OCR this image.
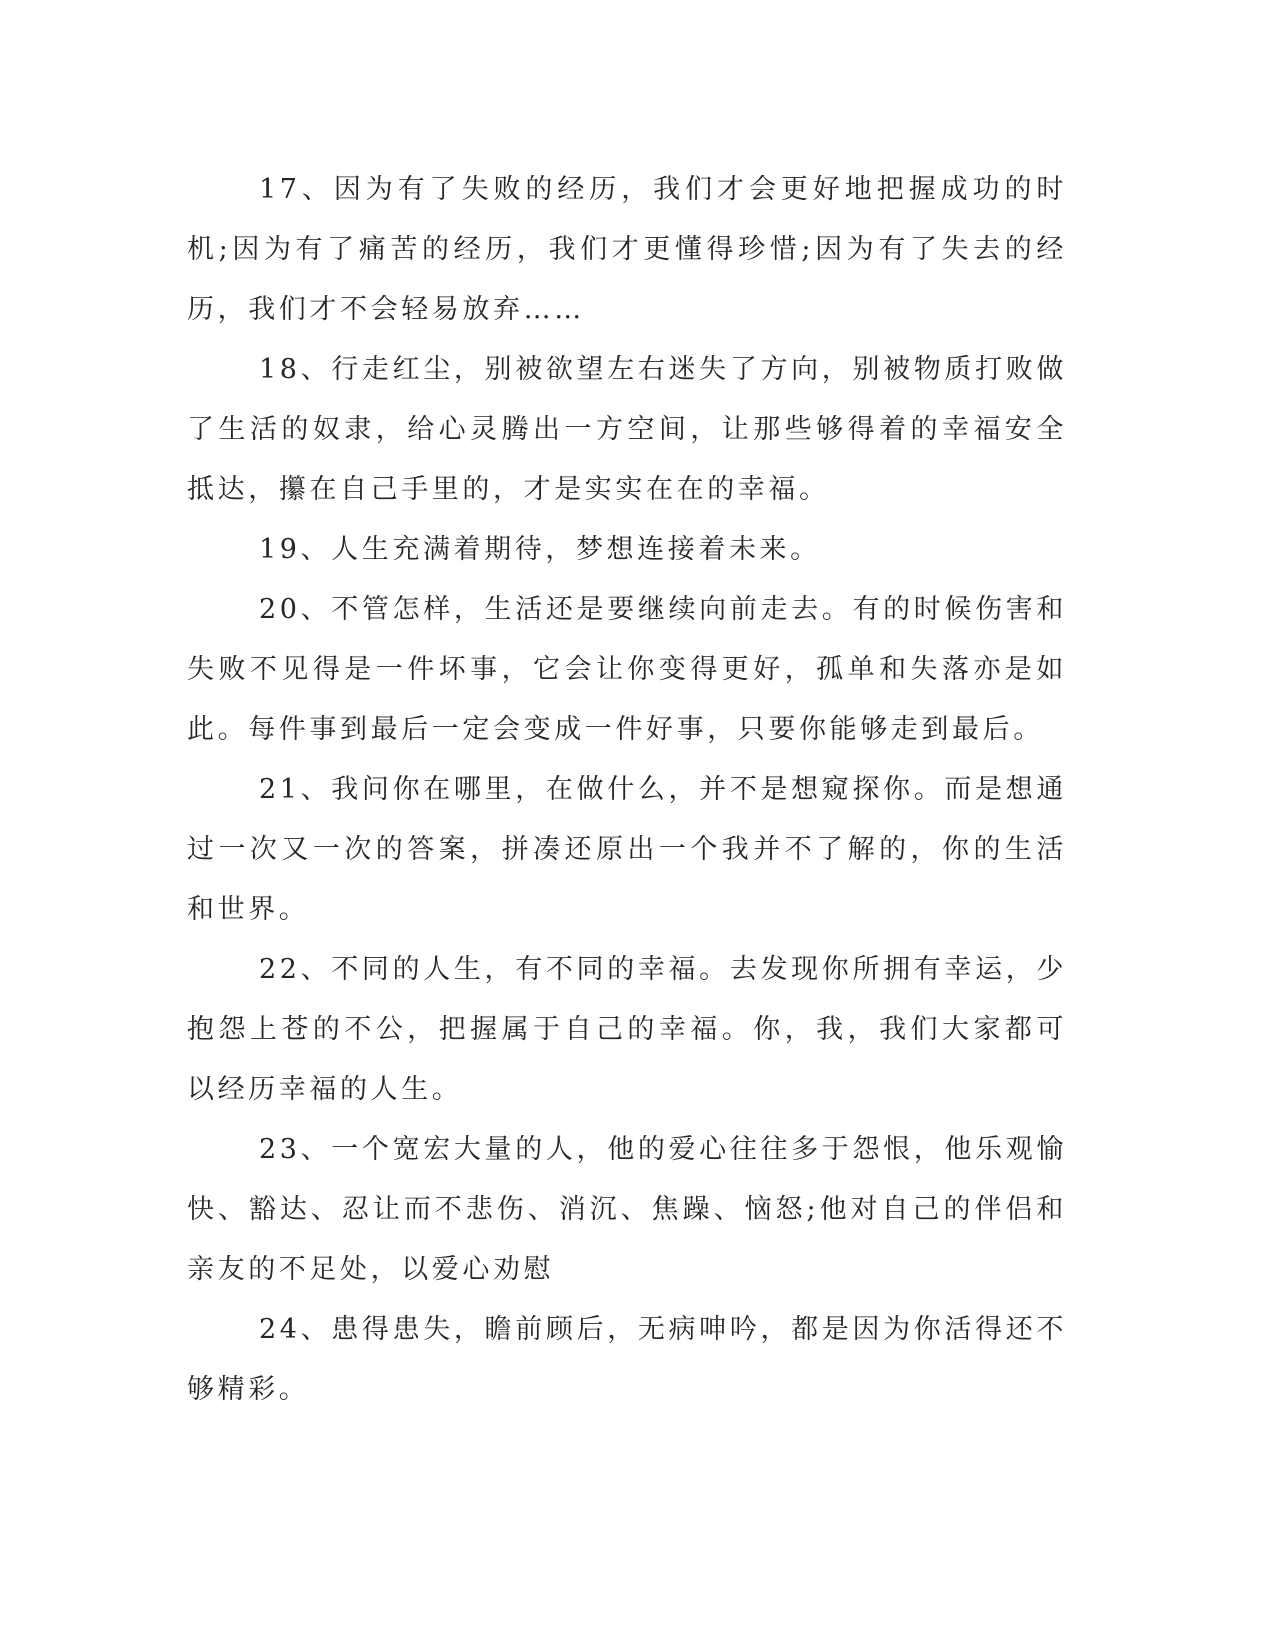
17、因为有了失败的经历，我们才会更好地把握成功的时机;因为有了痛苦的经历，我们才更懂得珍惜;因为有了失去的经历，我们才不会轻易放弃……

18、行走红尘，别被欲望左右迷失了方向，别被物质打败做了生活的奴隶，给心灵腾出一方空间，让那些够得着的幸福安全抵达，攥在自己手里的，才是实实在在的幸福。

19、人生充满着期待，梦想连接着未来。

20、不管怎样，生活还是要继续向前走去。有的时候伤害和失败不见得是一件坏事，它会让你变得更好，孤单和失落亦是如此。每件事到最后一定会变成一件好事，只要你能够走到最后。

21、我问你在哪里，在做什么，并不是想窥探你。而是想通过一次又一次的答案，拼凑还原出一个我并不了解的，你的生活和世界。

22、不同的人生，有不同的幸福。去发现你所拥有幸运，少抱怨上苍的不公，把握属于自己的幸福。你，我，我们大家都可以经历幸福的人生。

23、一个宽宏大量的人，他的爱心往往多于怨恨，他乐观愉快、豁达、忍让而不悲伤、消沉、焦躁、恼怒;他对自己的伴侣和亲友的不足处，以爱心劝慰

24、患得患失，瞻前顾后，无病呻吟，都是因为你活得还不够精彩。
